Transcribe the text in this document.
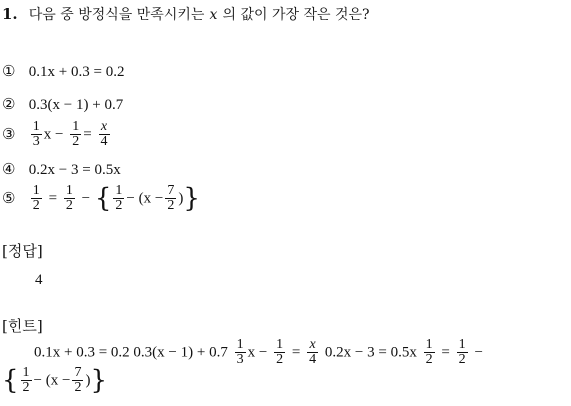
1. 다음 중 방정식을 만족시키는 x 의 값이 가장 작은 것은?
① 0.1x + 0.3 = 0.2
② 0.3(x − 1) + 0.7
③ $\frac{1}{3}$ $x - \frac{1}{2} = \frac{x}{4}$
④ 0.2x − 3 = 0.5x
⑤ $\frac{1}{2} = \frac{1}{2}$ − { $\frac{1}{2} - (x - \frac{7}{2}$ )}
[정답]
4
[힌트]
0.1x + 0.3 = 0.2 $0.3(x - 1) + 0.7 \frac{1}{3}$ $x - \frac{1}{2} = \frac{x}{4} 0.2x - 3 = 0.5x \frac{1}{2} = \frac{1}{2}$ −
{ $\frac{1}{2} - (x - \frac{7}{2}$ )}
